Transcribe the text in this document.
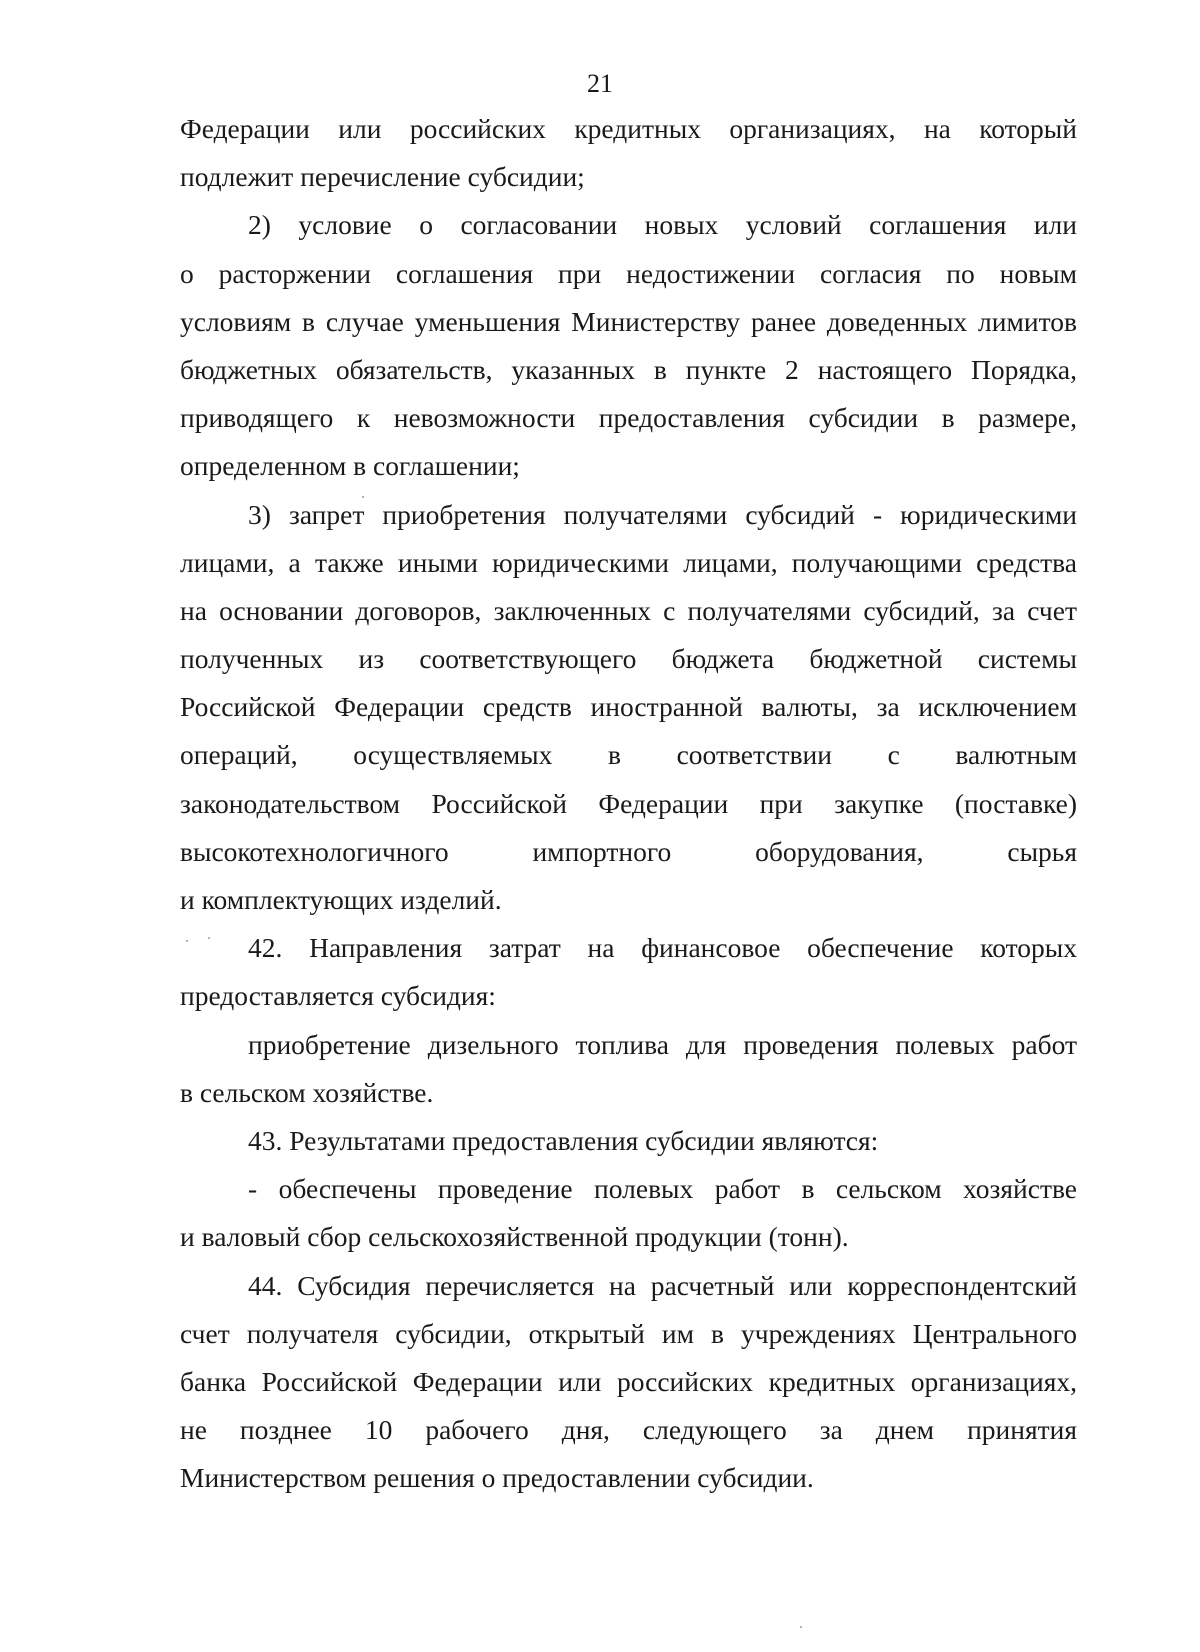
21
Федерации или российских кредитных организациях, на который
подлежит перечисление субсидии;
2) условие о согласовании новых условий соглашения или
о расторжении соглашения при недостижении согласия по новым
условиям в случае уменьшения Министерству ранее доведенных лимитов
бюджетных обязательств, указанных в пункте 2 настоящего Порядка,
приводящего к невозможности предоставления субсидии в размере,
определенном в соглашении;
3) запрет приобретения получателями субсидий - юридическими
лицами, а также иными юридическими лицами, получающими средства
на основании договоров, заключенных с получателями субсидий, за счет
полученных из соответствующего бюджета бюджетной системы
Российской Федерации средств иностранной валюты, за исключением
операций, осуществляемых в соответствии с валютным
законодательством Российской Федерации при закупке (поставке)
высокотехнологичного импортного оборудования, сырья
и комплектующих изделий.
42. Направления затрат на финансовое обеспечение которых
предоставляется субсидия:
приобретение дизельного топлива для проведения полевых работ
в сельском хозяйстве.
43. Результатами предоставления субсидии являются:
- обеспечены проведение полевых работ в сельском хозяйстве
и валовый сбор сельскохозяйственной продукции (тонн).
44. Субсидия перечисляется на расчетный или корреспондентский
счет получателя субсидии, открытый им в учреждениях Центрального
банка Российской Федерации или российских кредитных организациях,
не позднее 10 рабочего дня, следующего за днем принятия
Министерством решения о предоставлении субсидии.
